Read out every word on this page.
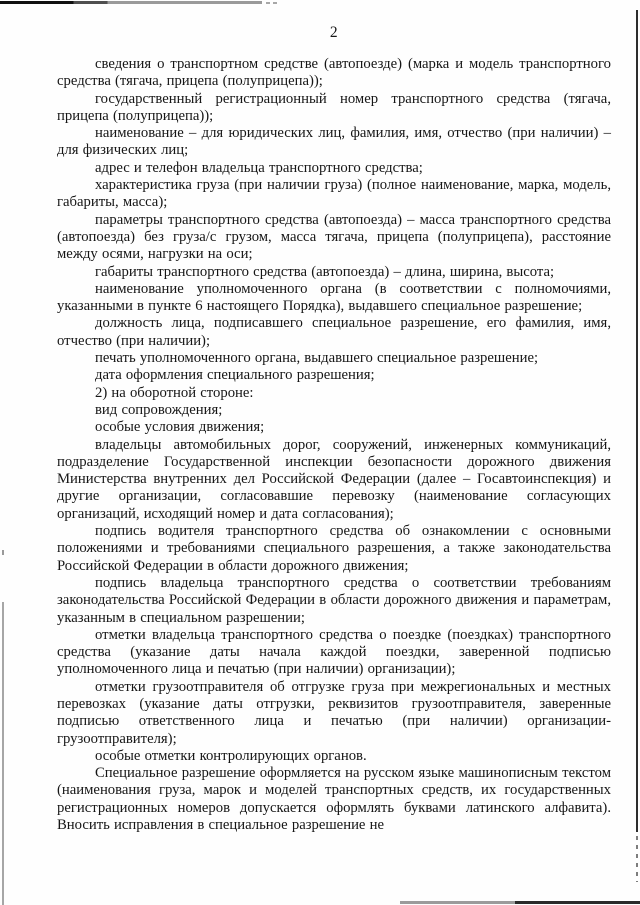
2

сведения о транспортном средстве (автопоезде) (марка и модель транспортного средства (тягача, прицепа (полуприцепа));

государственный регистрационный номер транспортного средства (тягача, прицепа (полуприцепа));

наименование – для юридических лиц, фамилия, имя, отчество (при наличии) – для физических лиц;

адрес и телефон владельца транспортного средства;

характеристика груза (при наличии груза) (полное наименование, марка, модель, габариты, масса);

параметры транспортного средства (автопоезда) – масса транспортного средства (автопоезда) без груза/с грузом, масса тягача, прицепа (полуприцепа), расстояние между осями, нагрузки на оси;

габариты транспортного средства (автопоезда) – длина, ширина, высота;

наименование уполномоченного органа (в соответствии с полномочиями, указанными в пункте 6 настоящего Порядка), выдавшего специальное разрешение;

должность лица, подписавшего специальное разрешение, его фамилия, имя, отчество (при наличии);

печать уполномоченного органа, выдавшего специальное разрешение;

дата оформления специального разрешения;

2) на оборотной стороне:

вид сопровождения;

особые условия движения;

владельцы автомобильных дорог, сооружений, инженерных коммуникаций, подразделение Государственной инспекции безопасности дорожного движения Министерства внутренних дел Российской Федерации (далее – Госавтоинспекция) и другие организации, согласовавшие перевозку (наименование согласующих организаций, исходящий номер и дата согласования);

подпись водителя транспортного средства об ознакомлении с основными положениями и требованиями специального разрешения, а также законодательства Российской Федерации в области дорожного движения;

подпись владельца транспортного средства о соответствии требованиям законодательства Российской Федерации в области дорожного движения и параметрам, указанным в специальном разрешении;

отметки владельца транспортного средства о поездке (поездках) транспортного средства (указание даты начала каждой поездки, заверенной подписью уполномоченного лица и печатью (при наличии) организации);

отметки грузоотправителя об отгрузке груза при межрегиональных и местных перевозках (указание даты отгрузки, реквизитов грузоотправителя, заверенные подписью ответственного лица и печатью (при наличии) организации-грузоотправителя);

особые отметки контролирующих органов.

Специальное разрешение оформляется на русском языке машинописным текстом (наименования груза, марок и моделей транспортных средств, их государственных регистрационных номеров допускается оформлять буквами латинского алфавита). Вносить исправления в специальное разрешение не
